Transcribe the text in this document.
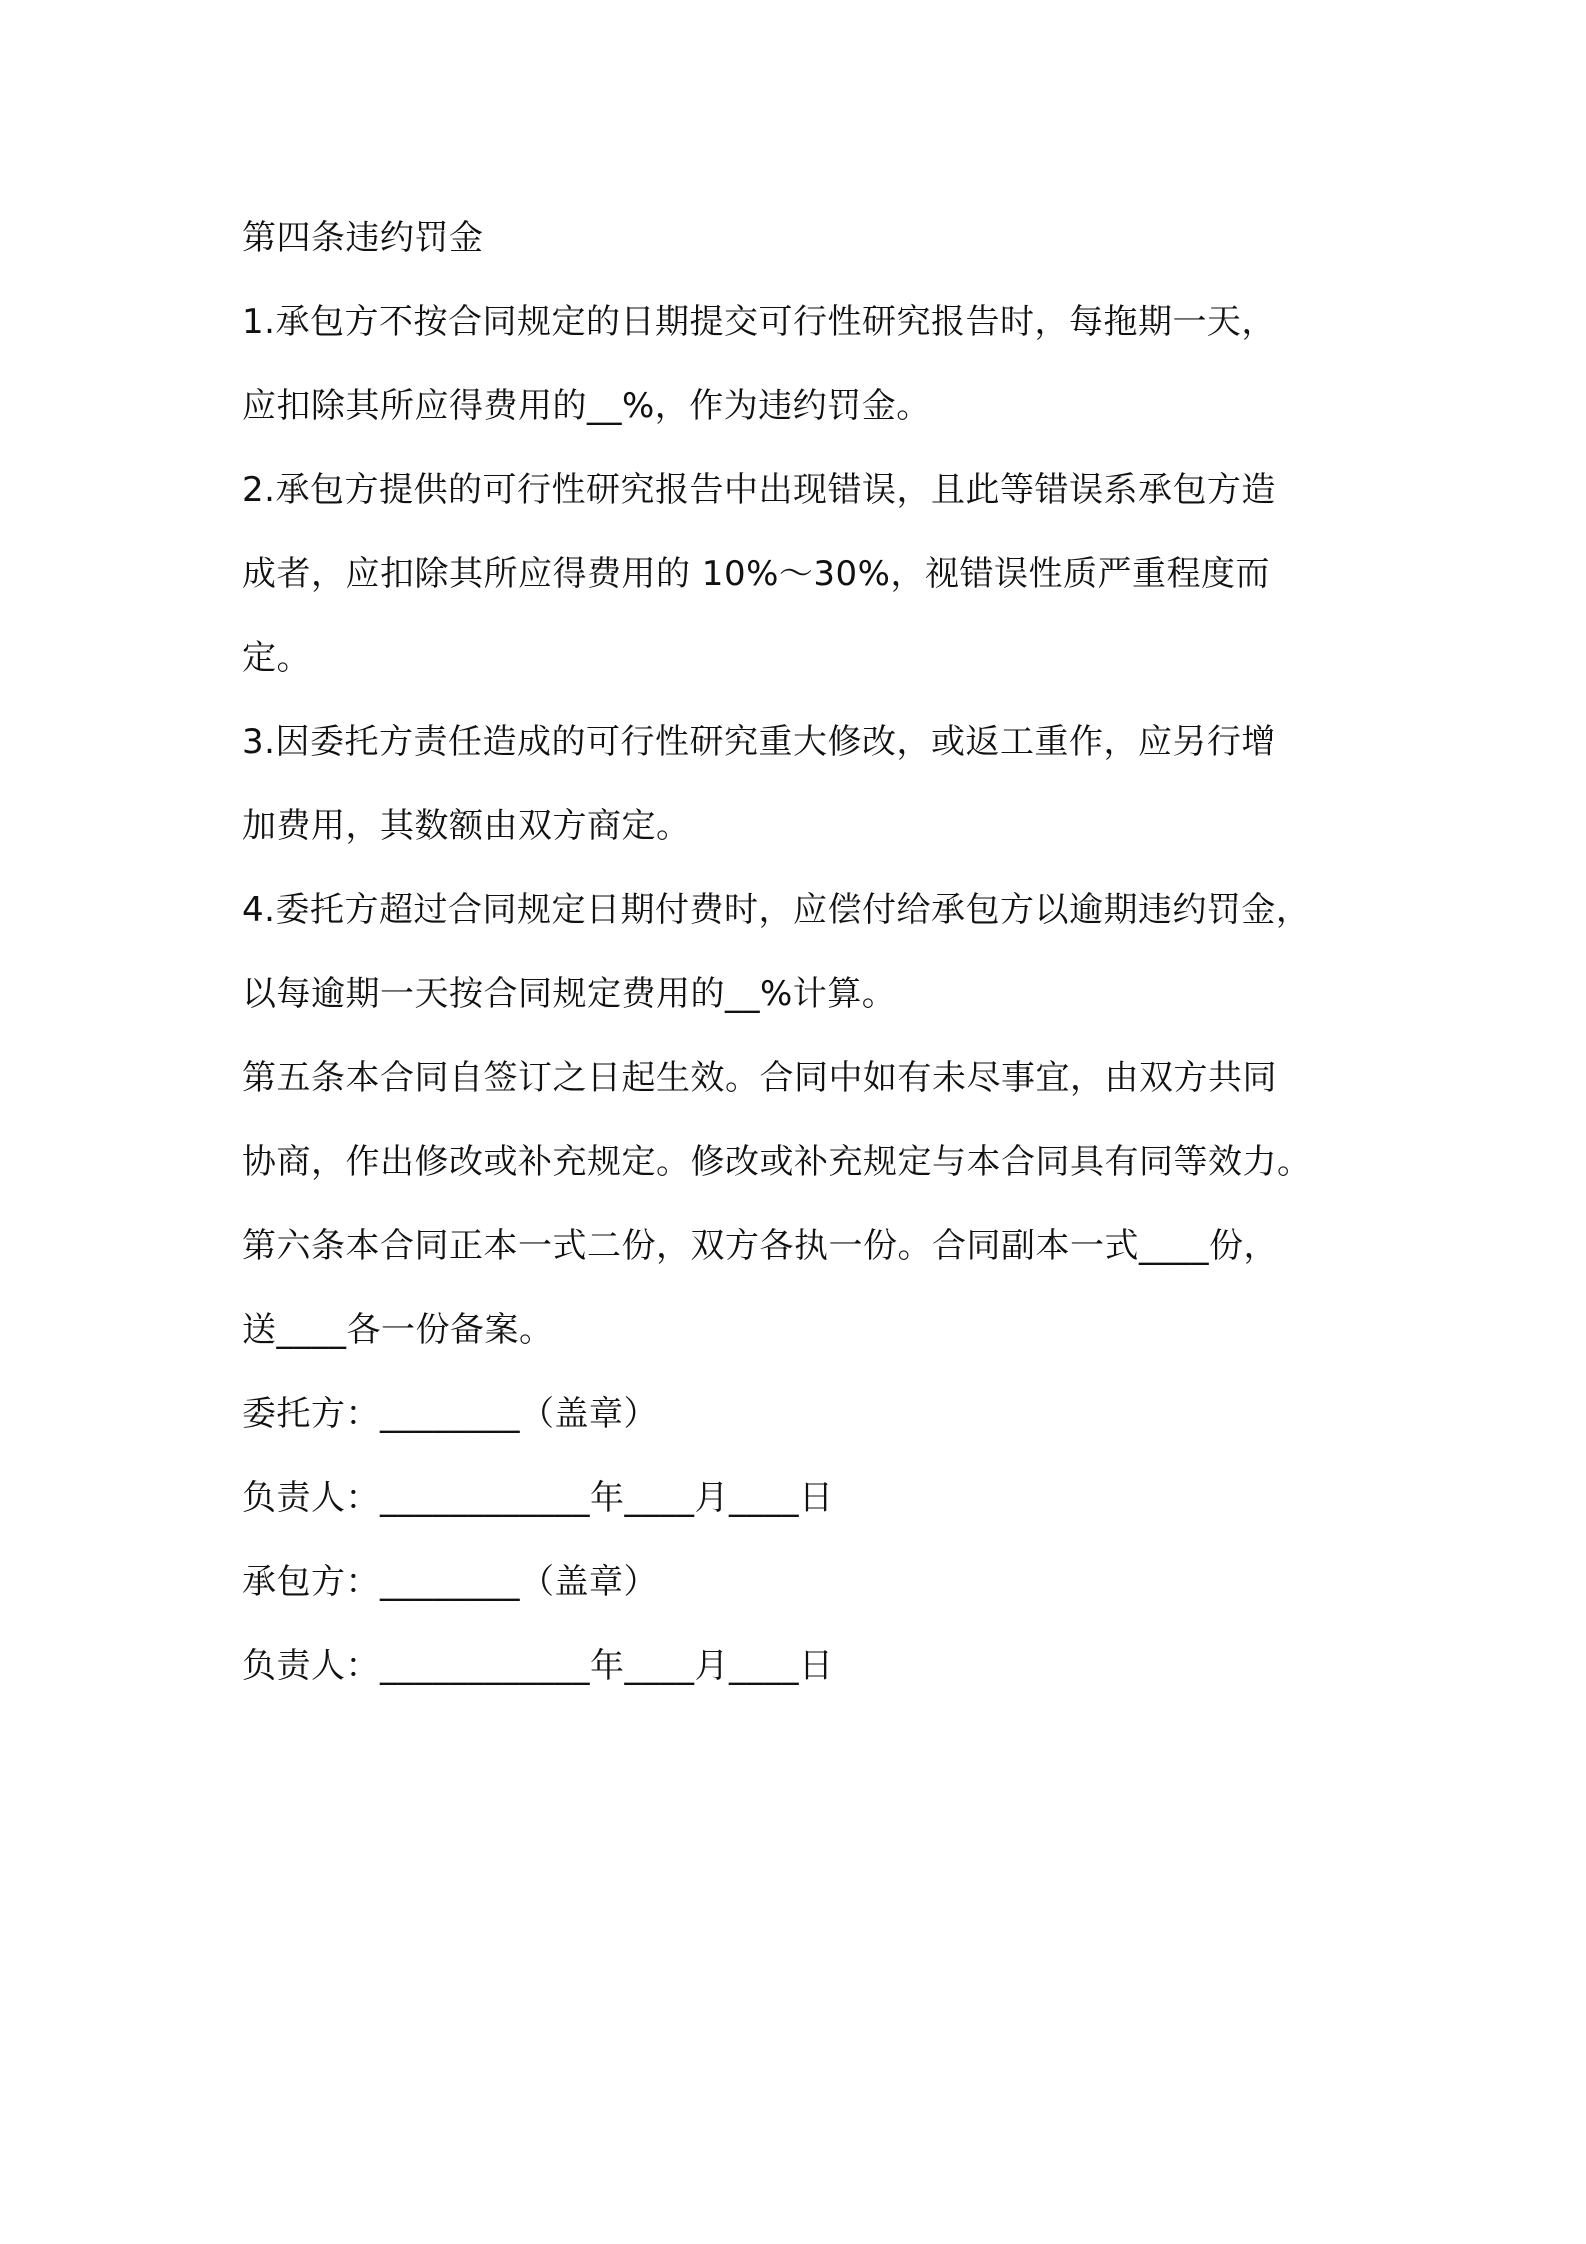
第四条违约罚金
1.承包方不按合同规定的日期提交可行性研究报告时，每拖期一天，
应扣除其所应得费用的__%，作为违约罚金。
2.承包方提供的可行性研究报告中出现错误，且此等错误系承包方造
成者，应扣除其所应得费用的 10%～30%，视错误性质严重程度而
定。
3.因委托方责任造成的可行性研究重大修改，或返工重作，应另行增
加费用，其数额由双方商定。
4.委托方超过合同规定日期付费时，应偿付给承包方以逾期违约罚金，
以每逾期一天按合同规定费用的__%计算。
第五条本合同自签订之日起生效。合同中如有未尽事宜，由双方共同
协商，作出修改或补充规定。修改或补充规定与本合同具有同等效力。
第六条本合同正本一式二份，双方各执一份。合同副本一式____份，
送____各一份备案。
委托方：________（盖章）
负责人：____________年____月____日
承包方：________（盖章）
负责人：____________年____月____日
